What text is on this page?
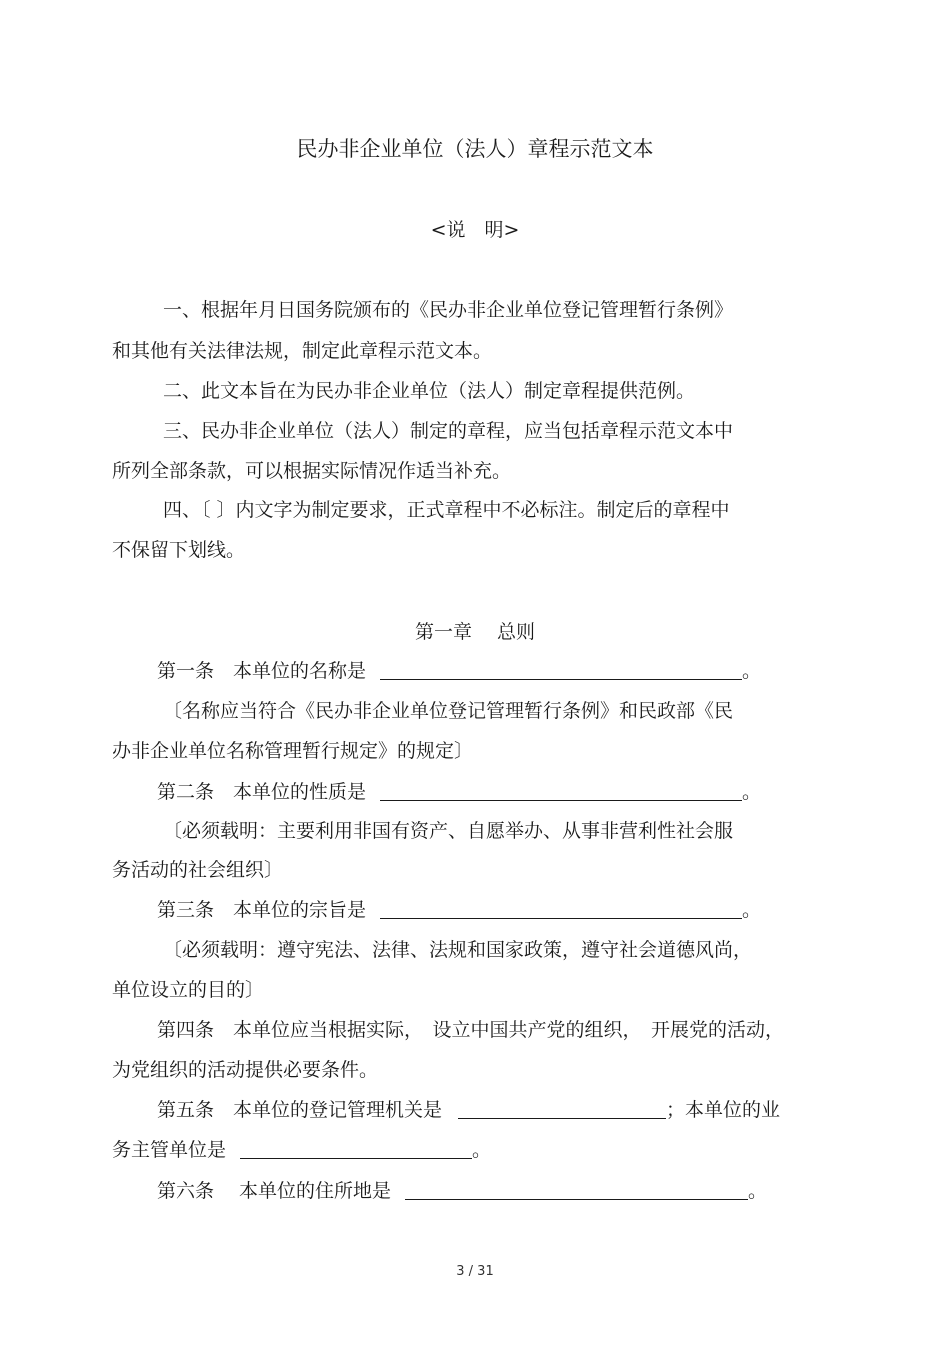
民办非企业单位（法人）章程示范文本
<说　明>
一、根据年月日国务院颁布的《民办非企业单位登记管理暂行条例》
和其他有关法律法规，制定此章程示范文本。
二、此文本旨在为民办非企业单位（法人）制定章程提供范例。
三、民办非企业单位（法人）制定的章程，应当包括章程示范文本中
所列全部条款，可以根据实际情况作适当补充。
四、〔 〕内文字为制定要求，正式章程中不必标注。制定后的章程中
不保留下划线。
第一章　 总则
第一条　本单位的名称是	。
〔名称应当符合《民办非企业单位登记管理暂行条例》和民政部《民
办非企业单位名称管理暂行规定》的规定〕
第二条　本单位的性质是	。
〔必须载明：主要利用非国有资产、自愿举办、从事非营利性社会服
务活动的社会组织〕
第三条　本单位的宗旨是	。
〔必须载明：遵守宪法、法律、法规和国家政策，遵守社会道德风尚，
单位设立的目的〕
第四条　本单位应当根据实际，　设立中国共产党的组织，　开展党的活动，
为党组织的活动提供必要条件。
第五条　本单位的登记管理机关是	；本单位的业
务主管单位是	。
第六条　 本单位的住所地是	。
3 / 31
